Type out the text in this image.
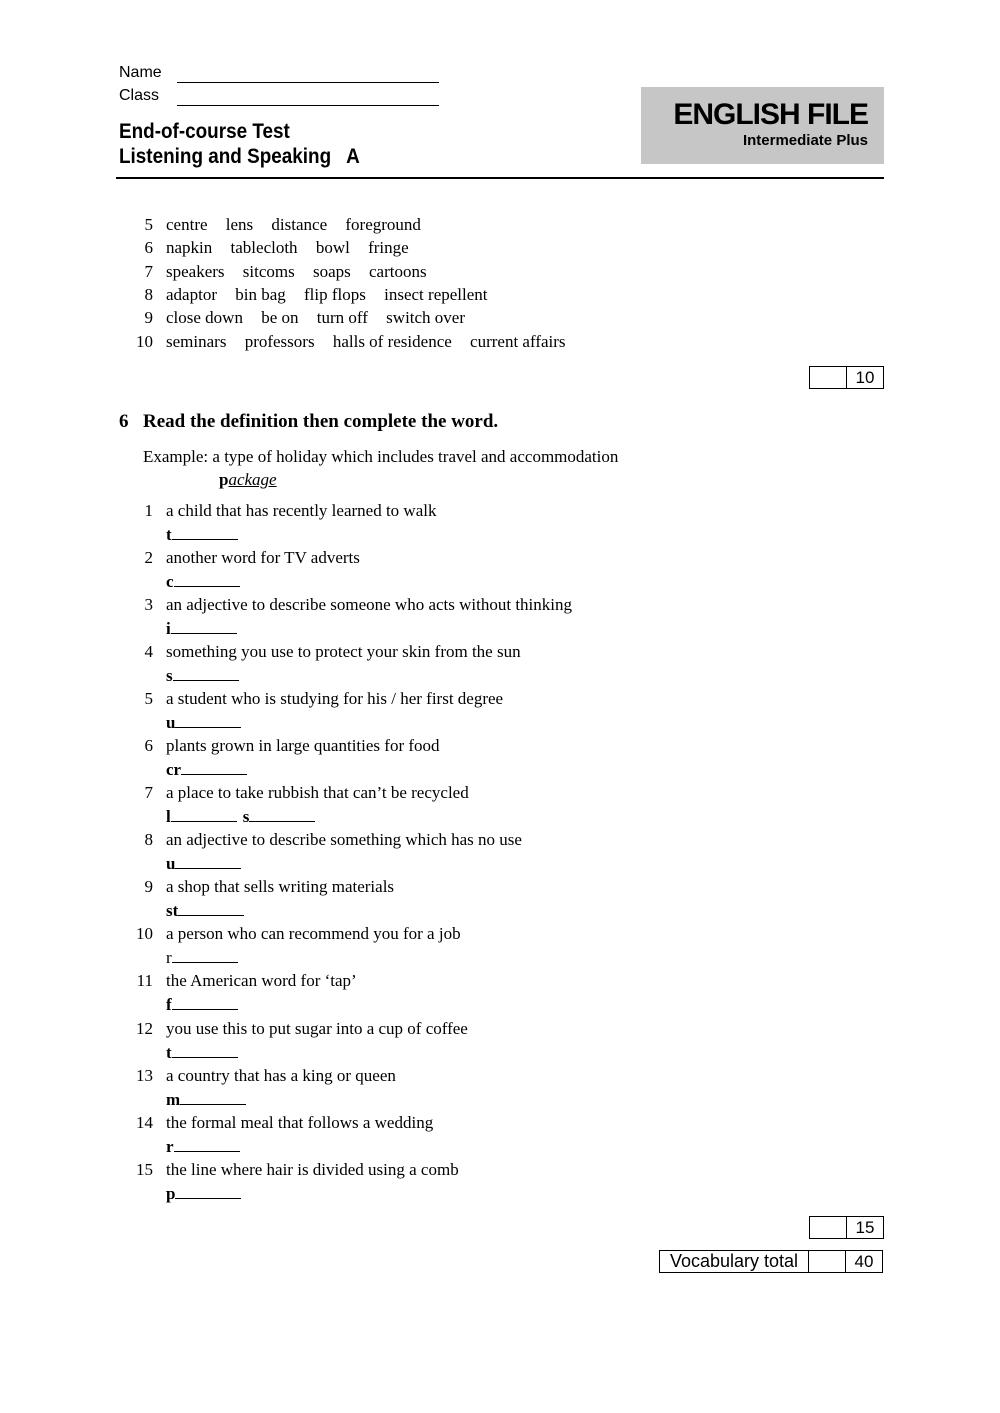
Name
Class
End-of-course Test
Listening and Speaking   A
ENGLISH FILE
Intermediate Plus
5 centre lens distance foreground
6 napkin tablecloth bowl fringe
7 speakers sitcoms soaps cartoons
8 adaptor bin bag flip flops insect repellent
9 close down be on turn off switch over
10 seminars professors halls of residence current affairs
10
6 Read the definition then complete the word.
Example: a type of holiday which includes travel and accommodation
package
1 a child that has recently learned to walk
t
2 another word for TV adverts
c
3 an adjective to describe someone who acts without thinking
i
4 something you use to protect your skin from the sun
s
5 a student who is studying for his / her first degree
u
6 plants grown in large quantities for food
cr
7 a place to take rubbish that can’t be recycled
l	s
8 an adjective to describe something which has no use
u
9 a shop that sells writing materials
st
10 a person who can recommend you for a job
r
11 the American word for ‘tap’
f
12 you use this to put sugar into a cup of coffee
t
13 a country that has a king or queen
m
14 the formal meal that follows a wedding
r
15 the line where hair is divided using a comb
p
15
Vocabulary total	40
